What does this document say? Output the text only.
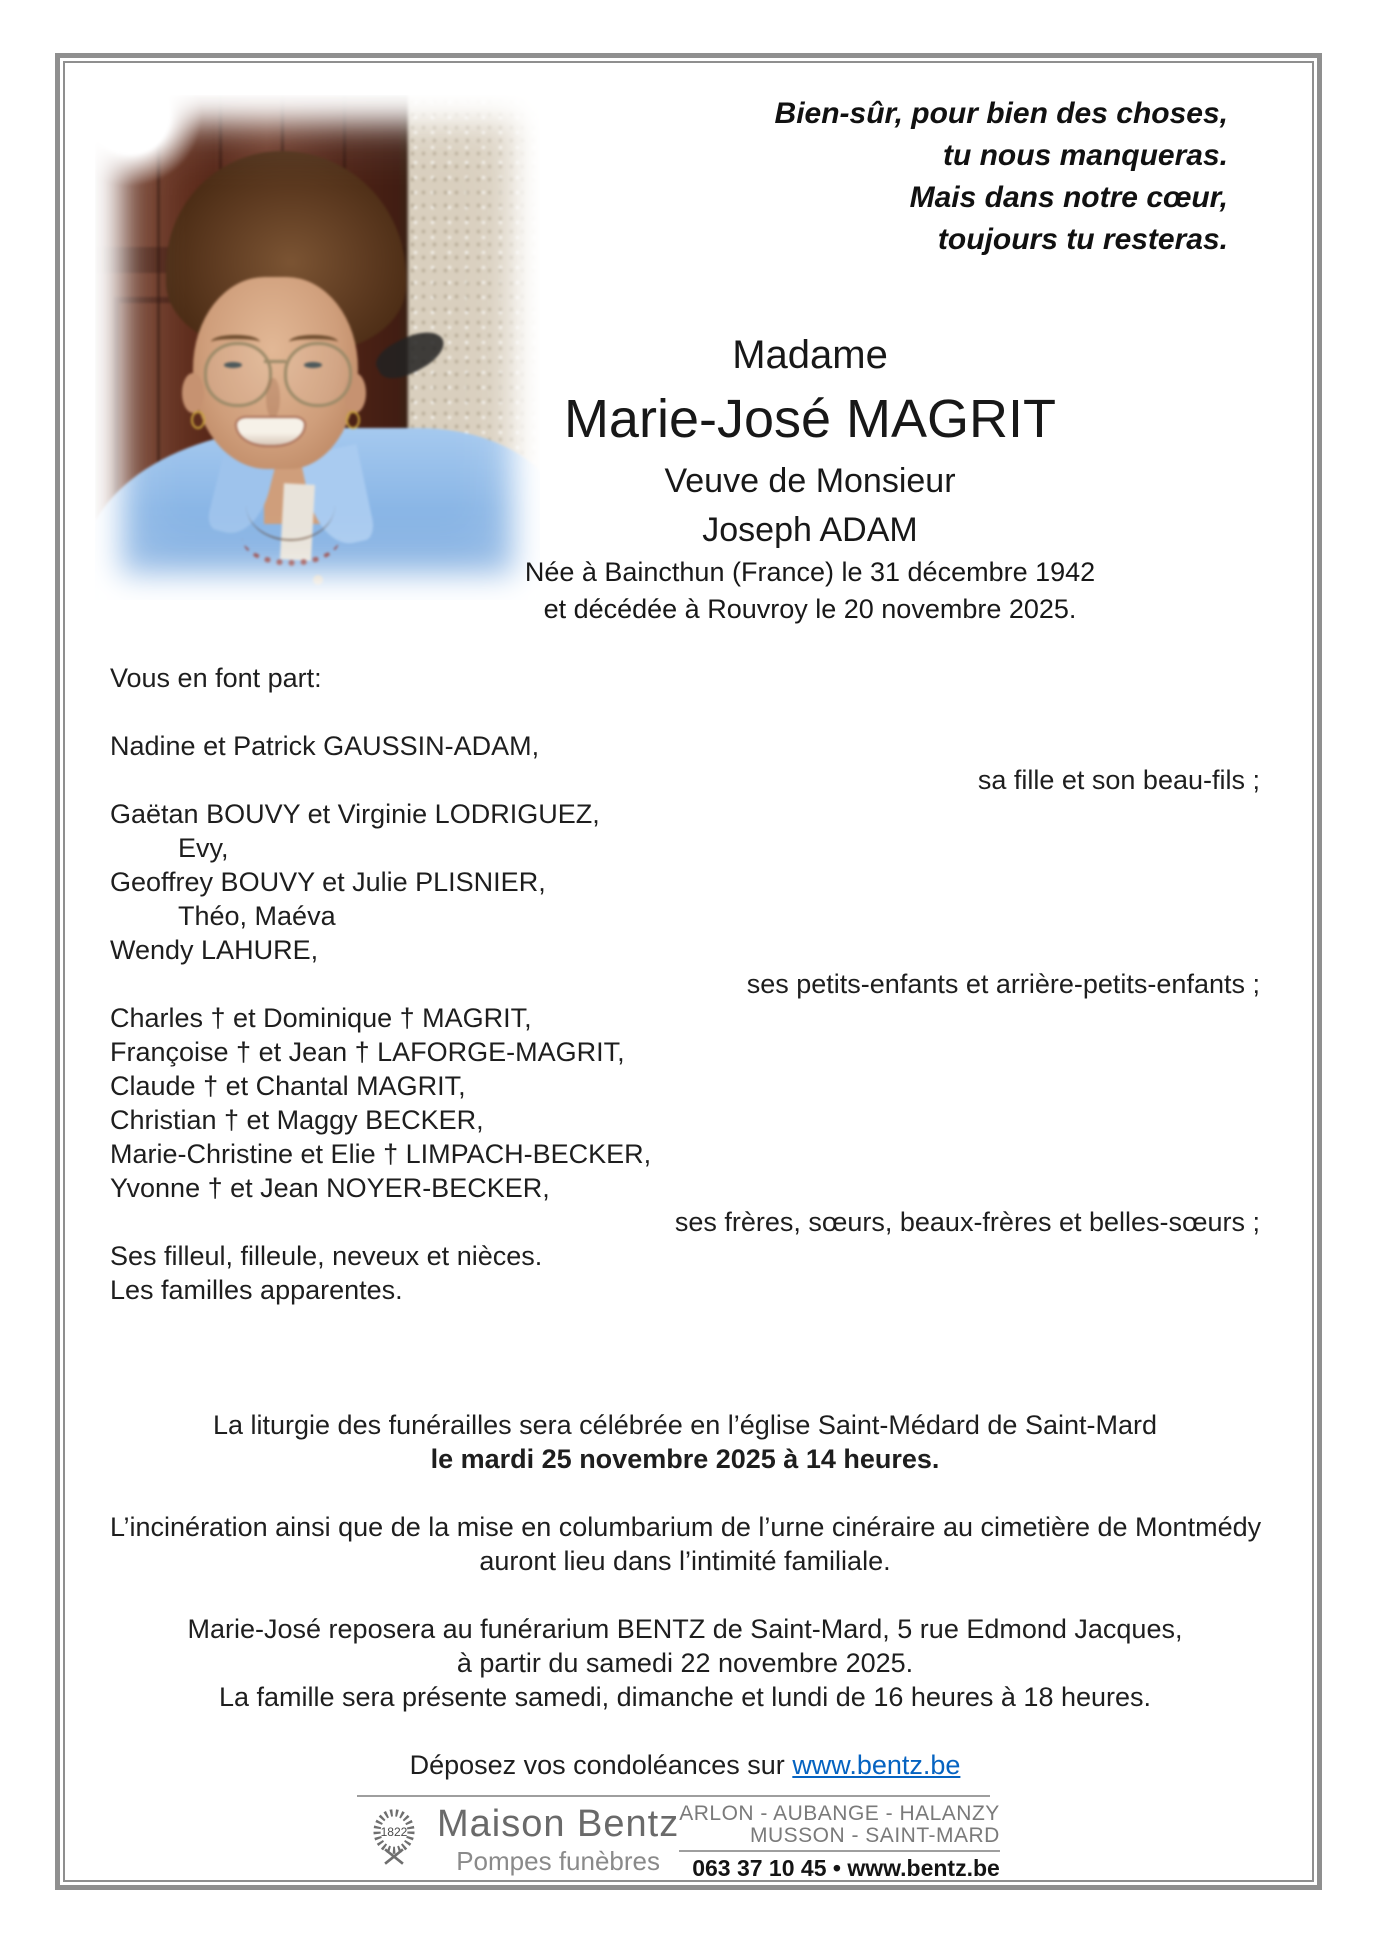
Bien-sûr, pour bien des choses,
tu nous manqueras.
Mais dans notre cœur,
toujours tu resteras.
Madame
Marie-José MAGRIT
Veuve de Monsieur
Joseph ADAM
Née à Baincthun (France) le 31 décembre 1942
et décédée à Rouvroy le 20 novembre 2025.
Vous en font part:
Nadine et Patrick GAUSSIN-ADAM,
sa fille et son beau-fils ;
Gaëtan BOUVY et Virginie LODRIGUEZ,
Evy,
Geoffrey BOUVY et Julie PLISNIER,
Théo, Maéva
Wendy LAHURE,
ses petits-enfants et arrière-petits-enfants ;
Charles † et Dominique † MAGRIT,
Françoise † et Jean † LAFORGE-MAGRIT,
Claude † et Chantal MAGRIT,
Christian † et Maggy BECKER,
Marie-Christine et Elie † LIMPACH-BECKER,
Yvonne † et Jean NOYER-BECKER,
ses frères, sœurs, beaux-frères et belles-sœurs ;
Ses filleul, filleule, neveux et nièces.
Les familles apparentes.
La liturgie des funérailles sera célébrée en l’église Saint-Médard de Saint-Mard
le mardi 25 novembre 2025 à 14 heures.
L’incinération ainsi que de la mise en columbarium de l’urne cinéraire au cimetière de Montmédy
auront lieu dans l’intimité familiale.
Marie-José reposera au funérarium BENTZ de Saint-Mard, 5 rue Edmond Jacques,
à partir du samedi 22 novembre 2025.
La famille sera présente samedi, dimanche et lundi de 16 heures à 18 heures.
Déposez vos condoléances sur www.bentz.be
1822 Maison Bentz
Pompes funèbres
ARLON - AUBANGE - HALANZY
MUSSON - SAINT-MARD
063 37 10 45 • www.bentz.be
